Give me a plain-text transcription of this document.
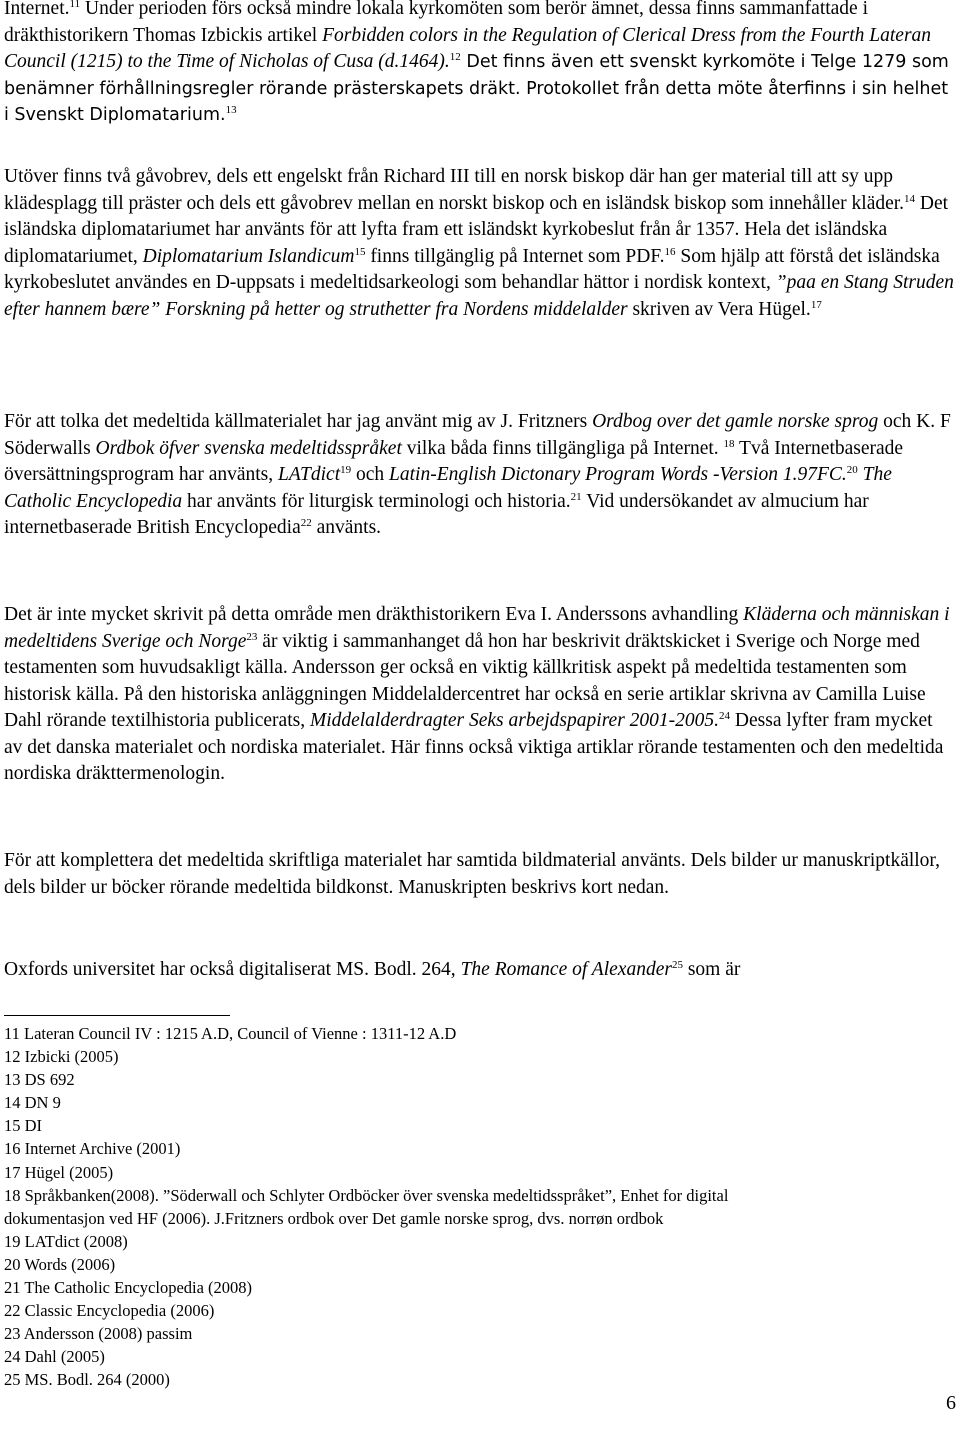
Internet.$^{11}$ Under perioden förs också mindre lokala kyrkomöten som berör ämnet, dessa finns sammanfattade i dräkthistorikern Thomas Izbickis artikel Forbidden colors in the Regulation of Clerical Dress from the Fourth Lateran Council (1215) to the Time of Nicholas of Cusa (d.1464).$^{12}$ Det finns även ett svenskt kyrkomöte i Telge 1279 som benämner förhållningsregler rörande prästerskapets dräkt. Protokollet från detta möte återfinns i sin helhet i Svenskt Diplomatarium.$^{13}$

Utöver finns två gåvobrev, dels ett engelskt från Richard III till en norsk biskop där han ger material till att sy upp klädesplagg till präster och dels ett gåvobrev mellan en norskt biskop och en isländsk biskop som innehåller kläder.$^{14}$ Det isländska diplomatariumet har använts för att lyfta fram ett isländskt kyrkobeslut från år 1357. Hela det isländska diplomatariumet, Diplomatarium Islandicum$^{15}$ finns tillgänglig på Internet som PDF.$^{16}$ Som hjälp att förstå det isländska kyrkobeslutet användes en D-uppsats i medeltidsarkeologi som behandlar hättor i nordisk kontext, ”paa en Stang Struden efter hannem bære” Forskning på hetter og struthetter fra Nordens middelalder skriven av Vera Hügel.$^{17}$

För att tolka det medeltida källmaterialet har jag använt mig av J. Fritzners Ordbog over det gamle norske sprog och K. F Söderwalls Ordbok öfver svenska medeltidsspråket vilka båda finns tillgängliga på Internet. $^{18}$ Två Internetbaserade översättningsprogram har använts, LATdict$^{19}$ och Latin-English Dictonary Program Words -Version 1.97FC.$^{20}$ The Catholic Encyclopedia har använts för liturgisk terminologi och historia.$^{21}$ Vid undersökandet av almucium har internetbaserade British Encyclopedia$^{22}$ använts.

Det är inte mycket skrivit på detta område men dräkthistorikern Eva I. Anderssons avhandling Kläderna och människan i medeltidens Sverige och Norge$^{23}$ är viktig i sammanhanget då hon har beskrivit dräktskicket i Sverige och Norge med testamenten som huvudsakligt källa. Andersson ger också en viktig källkritisk aspekt på medeltida testamenten som historisk källa. På den historiska anläggningen Middelaldercentret har också en serie artiklar skrivna av Camilla Luise Dahl rörande textilhistoria publicerats, Middelalderdragter Seks arbejdspapirer 2001-2005.24 Dessa lyfter fram mycket av det danska materialet och nordiska materialet. Här finns också viktiga artiklar rörande testamenten och den medeltida nordiska dräkttermenologin.

För att komplettera det medeltida skriftliga materialet har samtida bildmaterial använts. Dels bilder ur manuskriptkällor, dels bilder ur böcker rörande medeltida bildkonst. Manuskripten beskrivs kort nedan.

Oxfords universitet har också digitaliserat MS. Bodl. 264, The Romance of Alexander$^{25}$ som är

11 Lateran Council IV : 1215 A.D, Council of Vienne : 1311-12 A.D
12 Izbicki (2005)
13 DS 692
14 DN 9
15 DI
16 Internet Archive (2001)
17 Hügel (2005)
18 Språkbanken(2008). ”Söderwall och Schlyter Ordböcker över svenska medeltidsspråket”, Enhet for digital
dokumentasjon ved HF (2006). J.Fritzners ordbok over Det gamle norske sprog, dvs. norrøn ordbok
19 LATdict (2008)
20 Words (2006)
21 The Catholic Encyclopedia (2008)
22 Classic Encyclopedia (2006)
23 Andersson (2008) passim
24 Dahl (2005)
25 MS. Bodl. 264 (2000)
6
